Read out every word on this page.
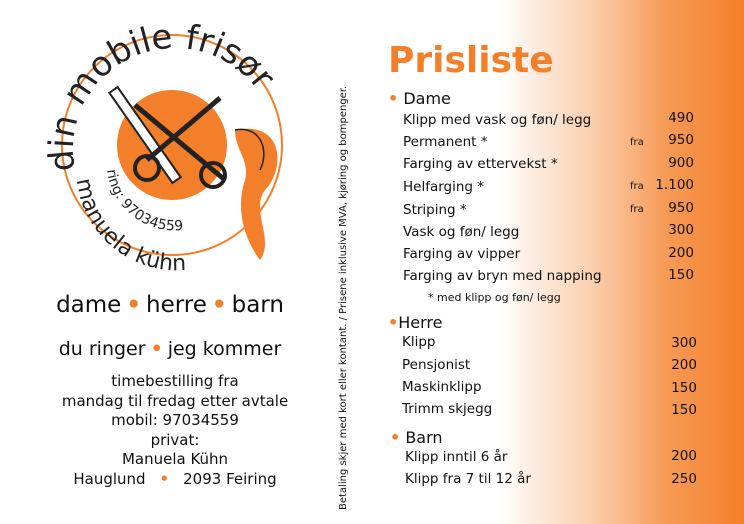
din mobile frisør
ring: 97034559
manuela kühn
dame • herre • barn
du ringer • jeg kommer
timebestilling fra
mandag til fredag etter avtale
mobil: 97034559
privat:
Manuela Kühn
Hauglund • 2093 Feiring	Betaling skjer med kort eller kontant. / Prisene inklusive MVA, kjøring og bompenger.
Prisliste
• Dame
Klipp med vask og føn/ legg	490
Permanent *	fra	950
Farging av ettervekst *	900
Helfarging *	fra 1.100
Striping *	fra	950
Vask og føn/ legg	300
Farging av vipper	200
Farging av bryn med napping	150
* med klipp og føn/ legg
•Herre
Klipp	300
Pensjonist	200
Maskinklipp	150
Trimm skjegg	150
• Barn
Klipp inntil 6 år	200
Klipp fra 7 til 12 år	250
